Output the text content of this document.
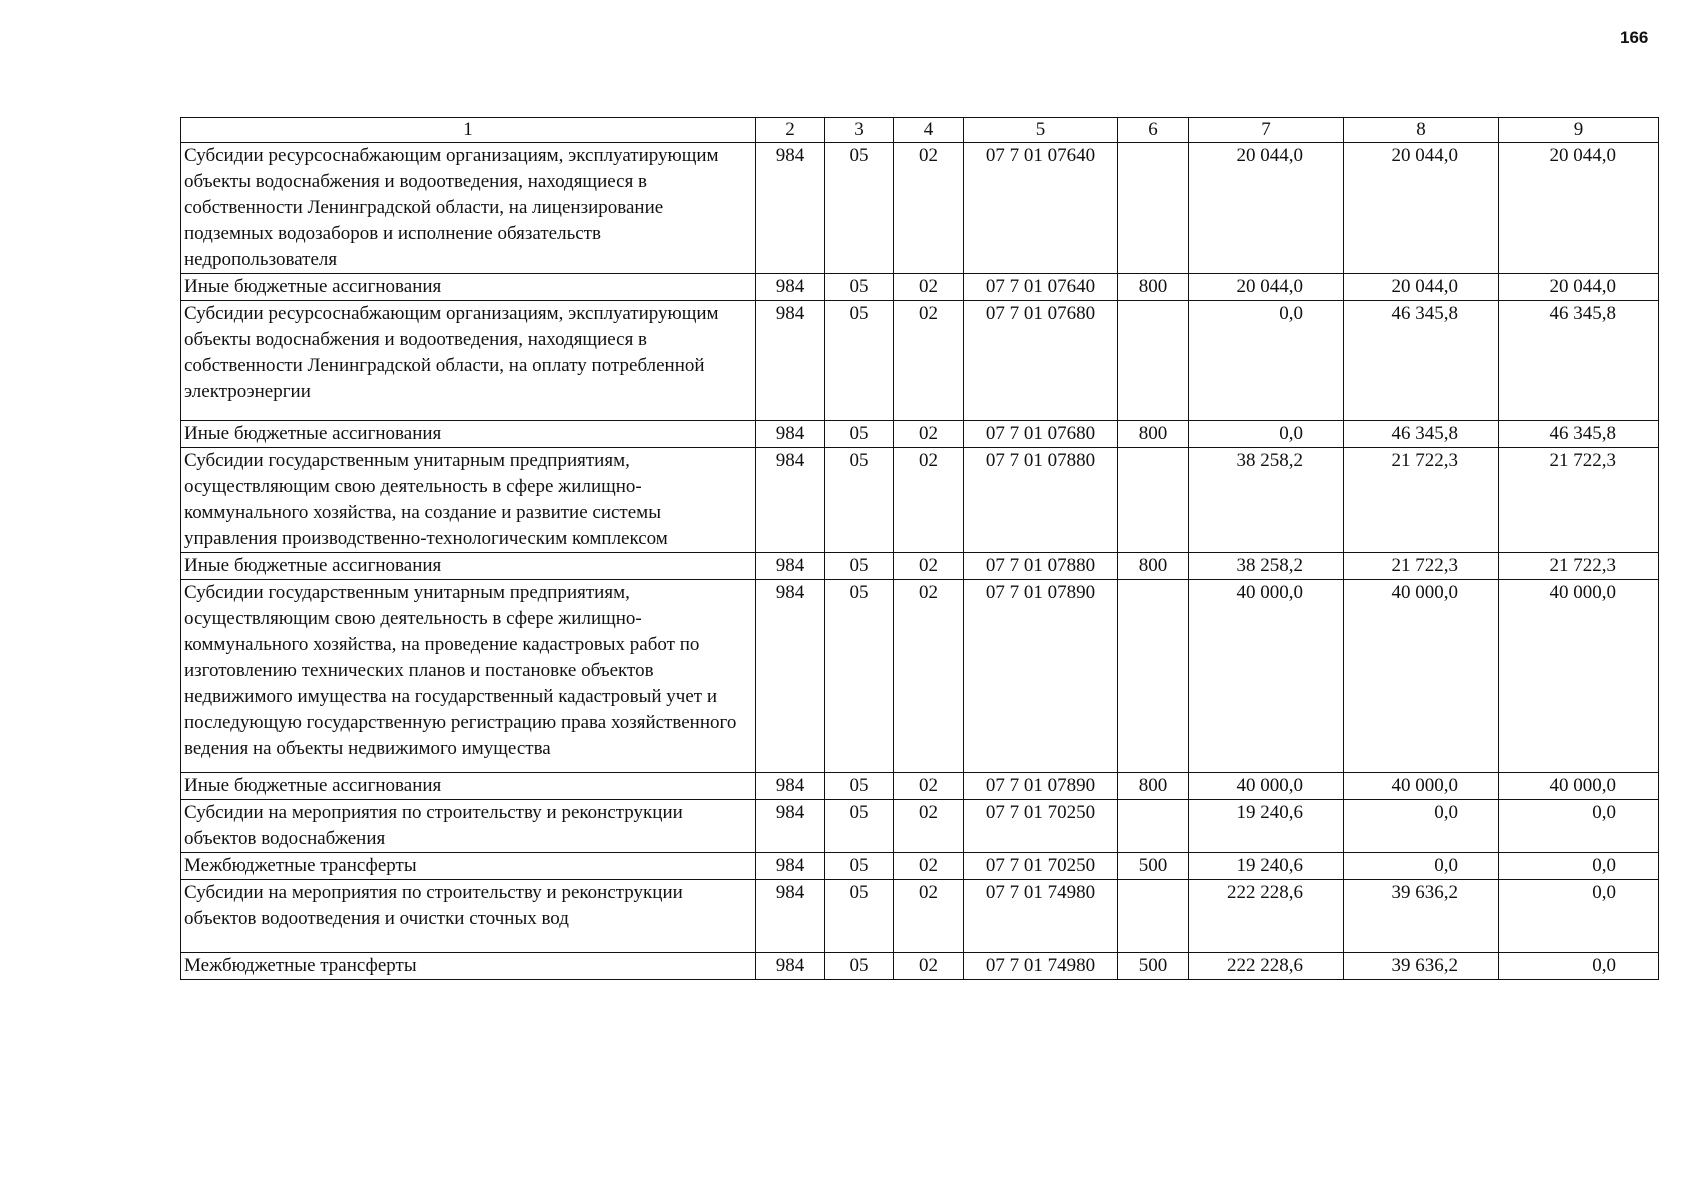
166
1	2	3	4	5	6	7	8	9
Субсидии ресурсоснабжающим организациям, эксплуатирующим объекты водоснабжения и водоотведения, находящиеся в собственности Ленинградской области, на лицензирование подземных водозаборов и исполнение обязательств недропользователя	984	05	02	07 7 01 07640		20 044,0	20 044,0	20 044,0
Иные бюджетные ассигнования	984	05	02	07 7 01 07640	800	20 044,0	20 044,0	20 044,0
Субсидии ресурсоснабжающим организациям, эксплуатирующим объекты водоснабжения и водоотведения, находящиеся в собственности Ленинградской области, на оплату потребленной электроэнергии	984	05	02	07 7 01 07680		0,0	46 345,8	46 345,8
Иные бюджетные ассигнования	984	05	02	07 7 01 07680	800	0,0	46 345,8	46 345,8
Субсидии государственным унитарным предприятиям, осуществляющим свою деятельность в сфере жилищно-коммунального хозяйства, на создание и развитие системы управления производственно-технологическим комплексом	984	05	02	07 7 01 07880		38 258,2	21 722,3	21 722,3
Иные бюджетные ассигнования	984	05	02	07 7 01 07880	800	38 258,2	21 722,3	21 722,3
Субсидии государственным унитарным предприятиям, осуществляющим свою деятельность в сфере жилищно-коммунального хозяйства, на проведение кадастровых работ по изготовлению технических планов и постановке объектов недвижимого имущества на государственный кадастровый учет и последующую государственную регистрацию права хозяйственного ведения на объекты недвижимого имущества	984	05	02	07 7 01 07890		40 000,0	40 000,0	40 000,0
Иные бюджетные ассигнования	984	05	02	07 7 01 07890	800	40 000,0	40 000,0	40 000,0
Субсидии на мероприятия по строительству и реконструкции объектов водоснабжения	984	05	02	07 7 01 70250		19 240,6	0,0	0,0
Межбюджетные трансферты	984	05	02	07 7 01 70250	500	19 240,6	0,0	0,0
Субсидии на мероприятия по строительству и реконструкции объектов водоотведения и очистки сточных вод	984	05	02	07 7 01 74980		222 228,6	39 636,2	0,0
Межбюджетные трансферты	984	05	02	07 7 01 74980	500	222 228,6	39 636,2	0,0
